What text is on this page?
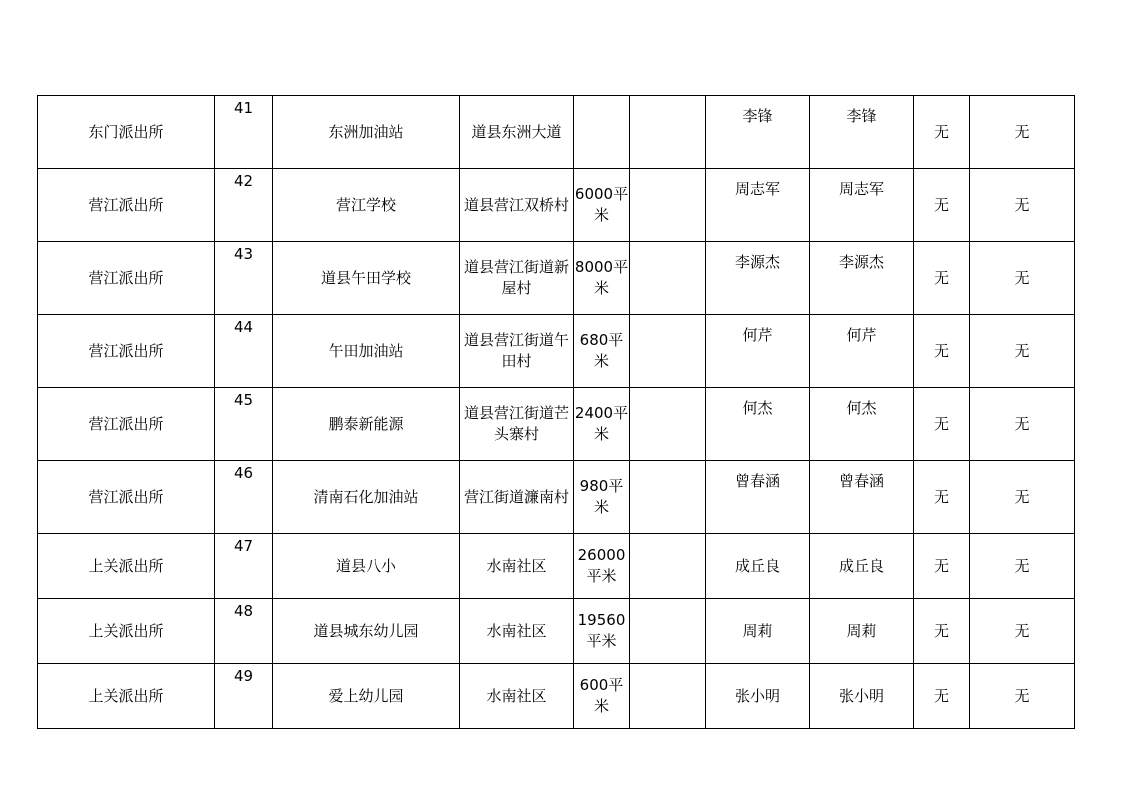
东门派出所	41	东洲加油站	道县东洲大道			李锋	李锋	无	无
营江派出所	42	营江学校	道县营江双桥村	6000平米		周志军	周志军	无	无
营江派出所	43	道县午田学校	道县营江街道新屋村	8000平米		李源杰	李源杰	无	无
营江派出所	44	午田加油站	道县营江街道午田村	680平米		何芹	何芹	无	无
营江派出所	45	鹏泰新能源	道县营江街道芒头寨村	2400平米		何杰	何杰	无	无
营江派出所	46	清南石化加油站	营江街道濂南村	980平米		曾春涵	曾春涵	无	无
上关派出所	47	道县八小	水南社区	26000平米		成丘良	成丘良	无	无
上关派出所	48	道县城东幼儿园	水南社区	19560平米		周莉	周莉	无	无
上关派出所	49	爱上幼儿园	水南社区	600平米		张小明	张小明	无	无
